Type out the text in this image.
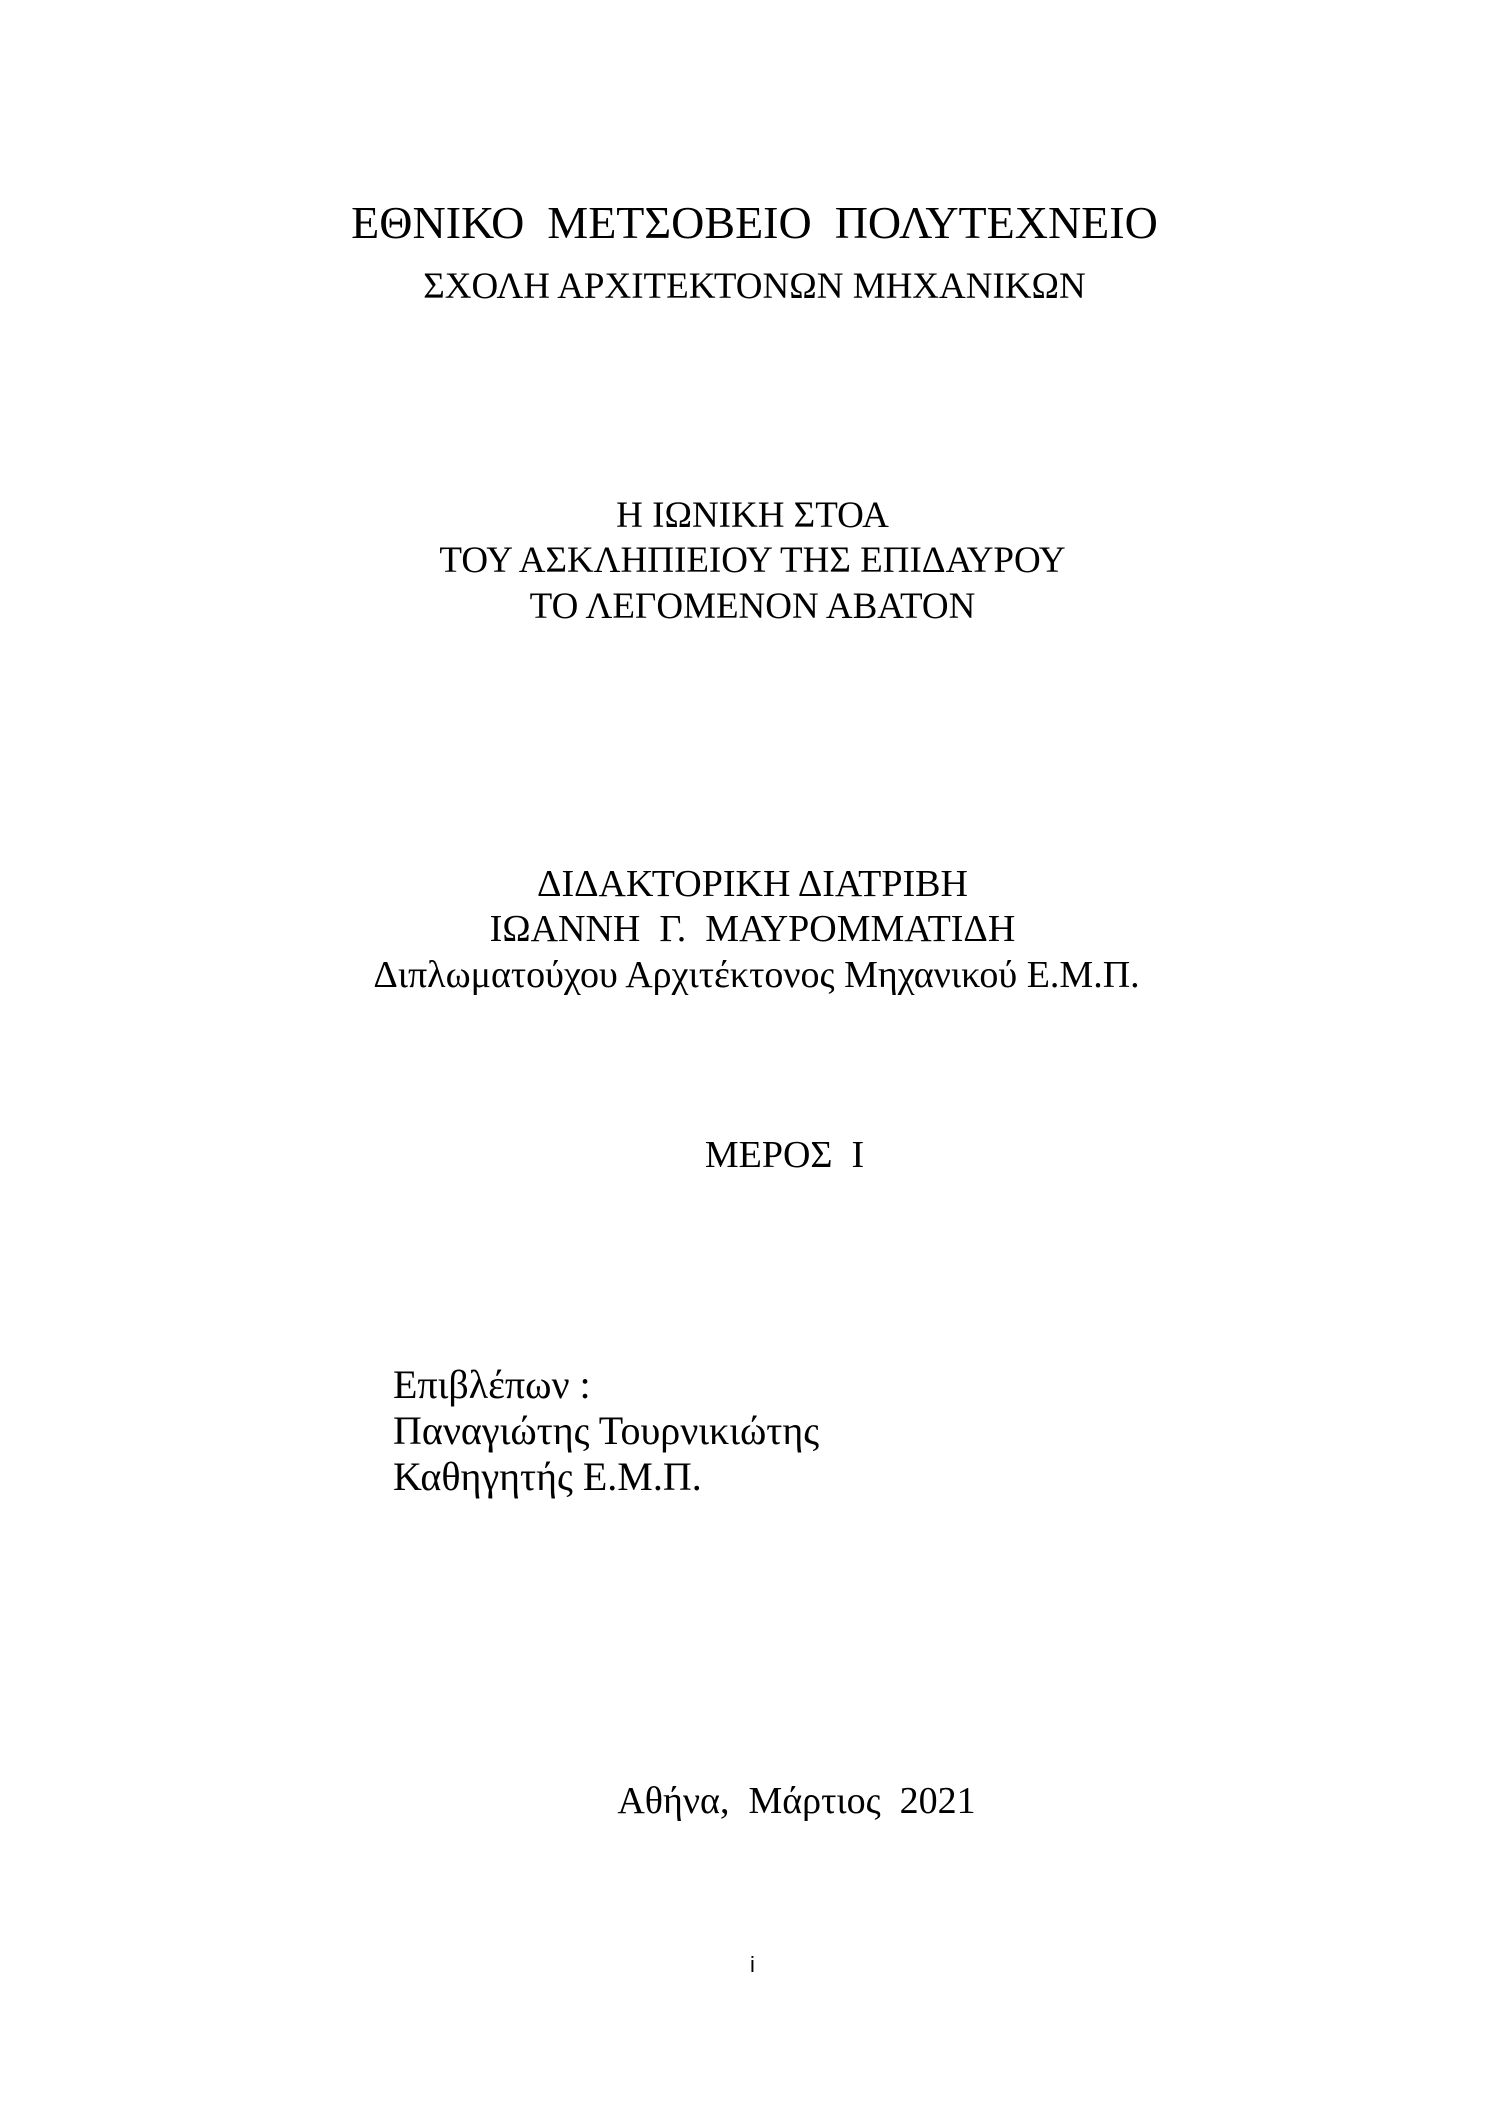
ΕΘΝΙΚΟ  ΜΕΤΣΟΒΕΙΟ  ΠΟΛΥΤΕΧΝΕΙΟ
ΣΧΟΛΗ ΑΡΧΙΤΕΚΤΟΝΩΝ ΜΗΧΑΝΙΚΩΝ
Η ΙΩΝΙΚΗ ΣΤΟΑ
ΤΟΥ ΑΣΚΛΗΠΙΕΙΟΥ ΤΗΣ ΕΠΙΔΑΥΡΟΥ
ΤΟ ΛΕΓΟΜΕΝΟΝ ΑΒΑΤΟΝ
ΔΙΔΑΚΤΟΡΙΚΗ ΔΙΑΤΡΙΒΗ
ΙΩΑΝΝΗ  Γ.  ΜΑΥΡΟΜΜΑΤΙΔΗ
Διπλωματούχου Αρχιτέκτονος Μηχανικού Ε.Μ.Π.
ΜΕΡΟΣ  Ι
Επιβλέπων :
Παναγιώτης Τουρνικιώτης
Καθηγητής Ε.Μ.Π.
Αθήνα,  Μάρτιος  2021
i
